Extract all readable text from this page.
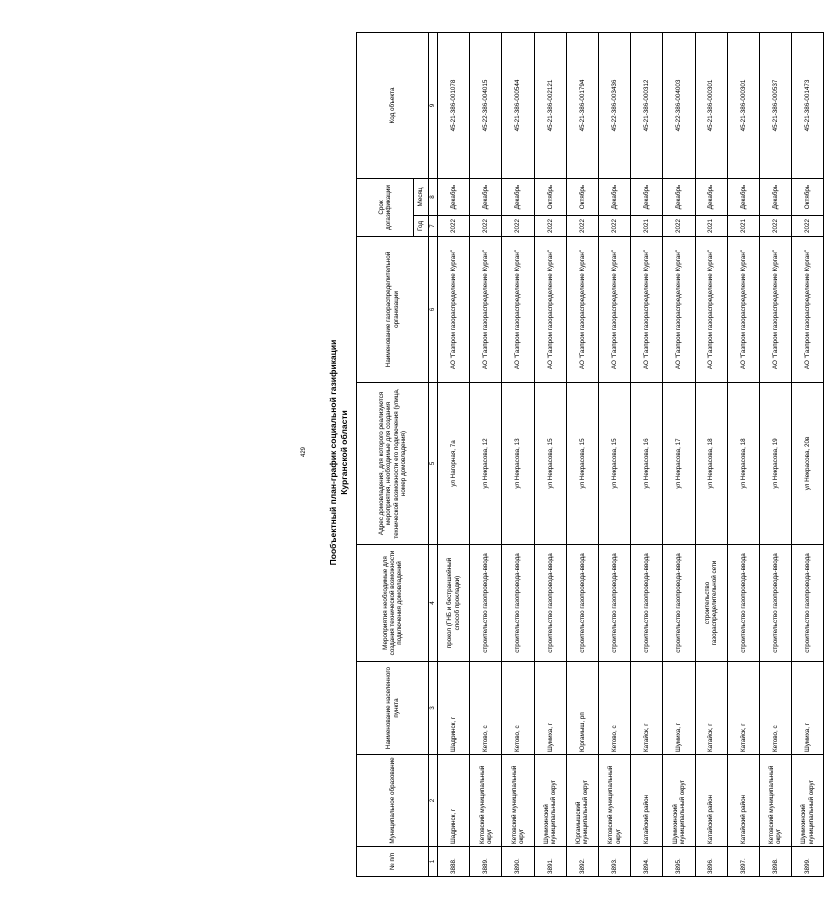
429 Пообъектный план-график социальной газификации Курганской области
№ п/п	Муниципальное образование	Наименование населенного пункта	Мероприятия необходимые для создания технической возможности подключения домовладений	Адрес домовладения, для которого реализуются мероприятия, необходимые для создания технической возможности его подключения (улица, номер домовладения)	Наименование газораспределительной организации	Срок догазификации		Код объекта
						Год	Месяц	
1	2	3	4	5	6	7	8	9
3888.	Шадринск, г	Шадринск, г	прокол (ГНБ и бестраншейный способ прокладки)	ул Нагорная, 7а	АО "Газпром газораспределение Курган"	2022	Декабрь	45-21-386-001078
3889.	Кетовский муниципальный округ	Кетово, с	строительство газопровода-ввода	ул Некрасова, 12	АО "Газпром газораспределение Курган"	2022	Декабрь	45-22-386-004015
3890.	Кетовский муниципальный округ	Кетово, с	строительство газопровода-ввода	ул Некрасова, 13	АО "Газпром газораспределение Курган"	2022	Декабрь	45-21-386-000544
3891.	Шумихинский муниципальный округ	Шумиха, г	строительство газопровода-ввода	ул Некрасова, 15	АО "Газпром газораспределение Курган"	2022	Октябрь	45-21-386-002121
3892.	Юргамышский муниципальный округ	Юргамыш, рп	строительство газопровода-ввода	ул Некрасова, 15	АО "Газпром газораспределение Курган"	2022	Октябрь	45-21-386-001794
3893.	Кетовский муниципальный округ	Кетово, с	строительство газопровода-ввода	ул Некрасова, 15	АО "Газпром газораспределение Курган"	2022	Декабрь	45-22-386-003436
3894.	Катайский район	Катайск, г	строительство газопровода-ввода	ул Некрасова, 16	АО "Газпром газораспределение Курган"	2021	Декабрь	45-21-386-000312
3895.	Шумихинский муниципальный округ	Шумиха, г	строительство газопровода-ввода	ул Некрасова, 17	АО "Газпром газораспределение Курган"	2022	Декабрь	45-22-386-004003
3896.	Катайский район	Катайск, г	строительство газораспределительной сети	ул Некрасова, 18	АО "Газпром газораспределение Курган"	2021	Декабрь	45-21-386-000301
3897.	Катайский район	Катайск, г	строительство газопровода-ввода	ул Некрасова, 18	АО "Газпром газораспределение Курган"	2021	Декабрь	45-21-386-000301
3898.	Кетовский муниципальный округ	Кетово, с	строительство газопровода-ввода	ул Некрасова, 19	АО "Газпром газораспределение Курган"	2022	Декабрь	45-21-386-000537
3899.	Шумихинский муниципальный округ	Шумиха, г	строительство газопровода-ввода	ул Некрасова, 20в	АО "Газпром газораспределение Курган"	2022	Октябрь	45-21-386-001473
